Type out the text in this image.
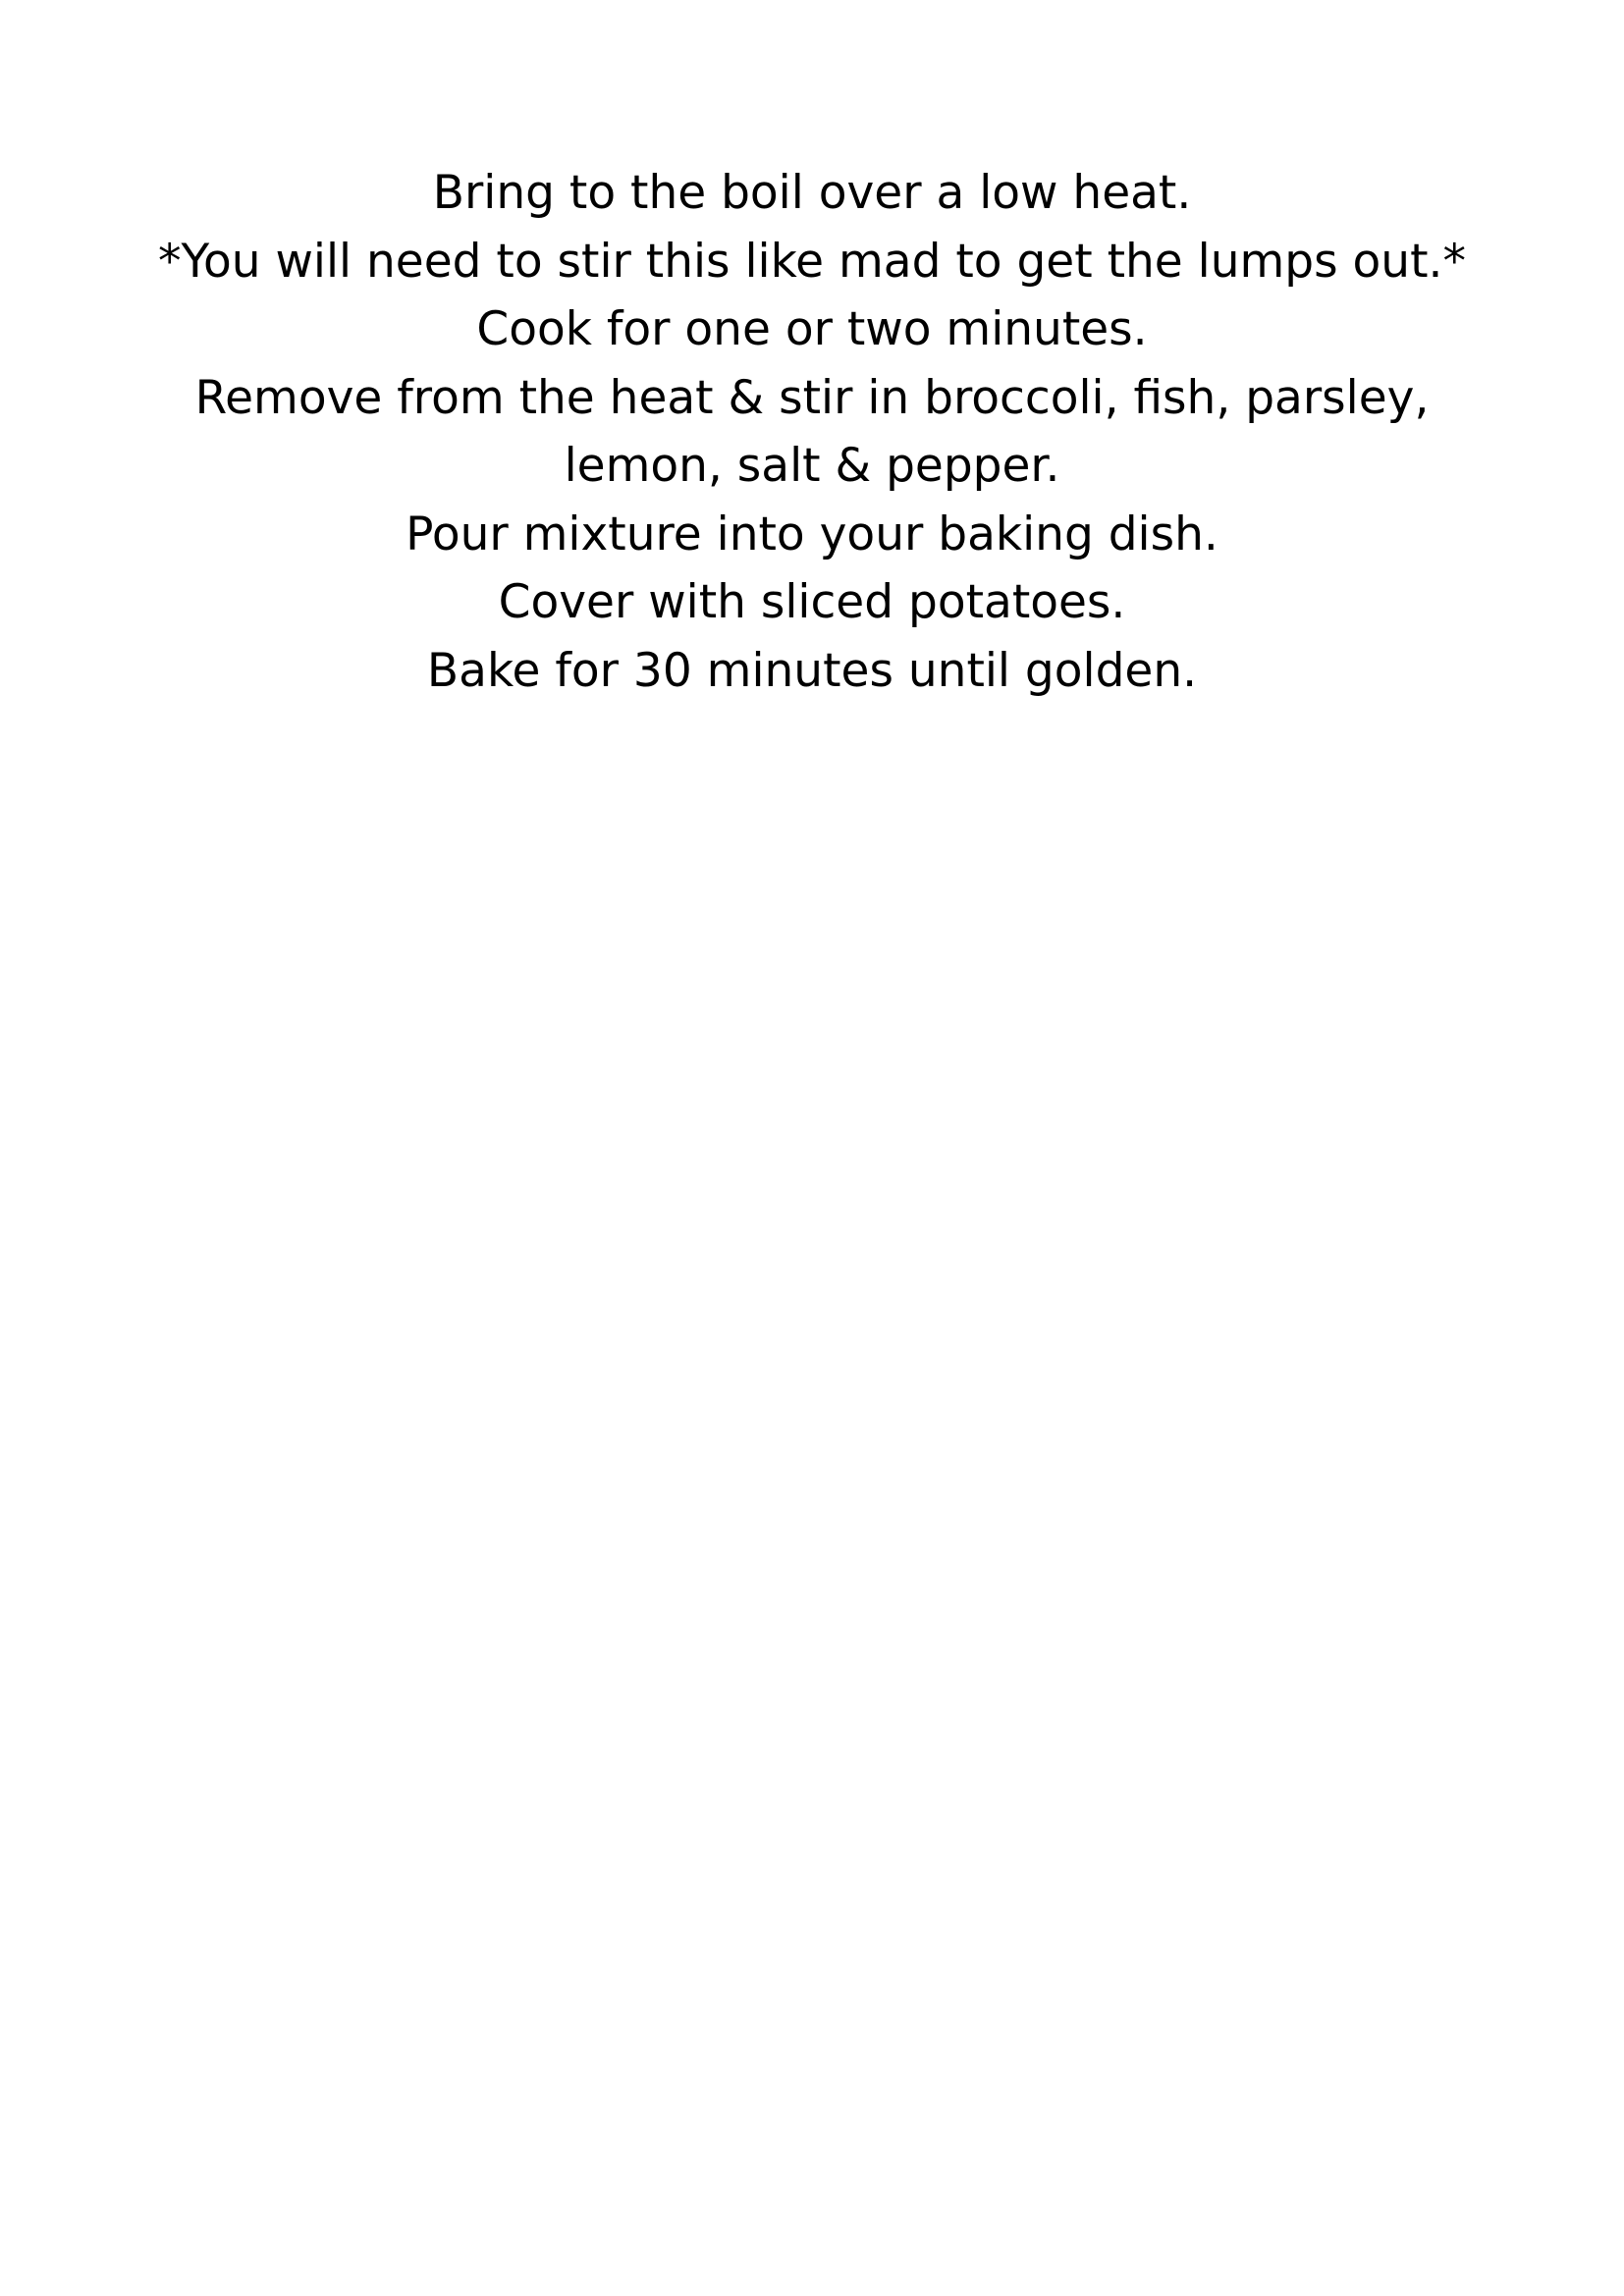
Bring to the boil over a low heat.
*You will need to stir this like mad to get the lumps out.*
Cook for one or two minutes.
Remove from the heat & stir in broccoli, fish, parsley,
lemon, salt & pepper.
Pour mixture into your baking dish.
Cover with sliced potatoes.
Bake for 30 minutes until golden.
